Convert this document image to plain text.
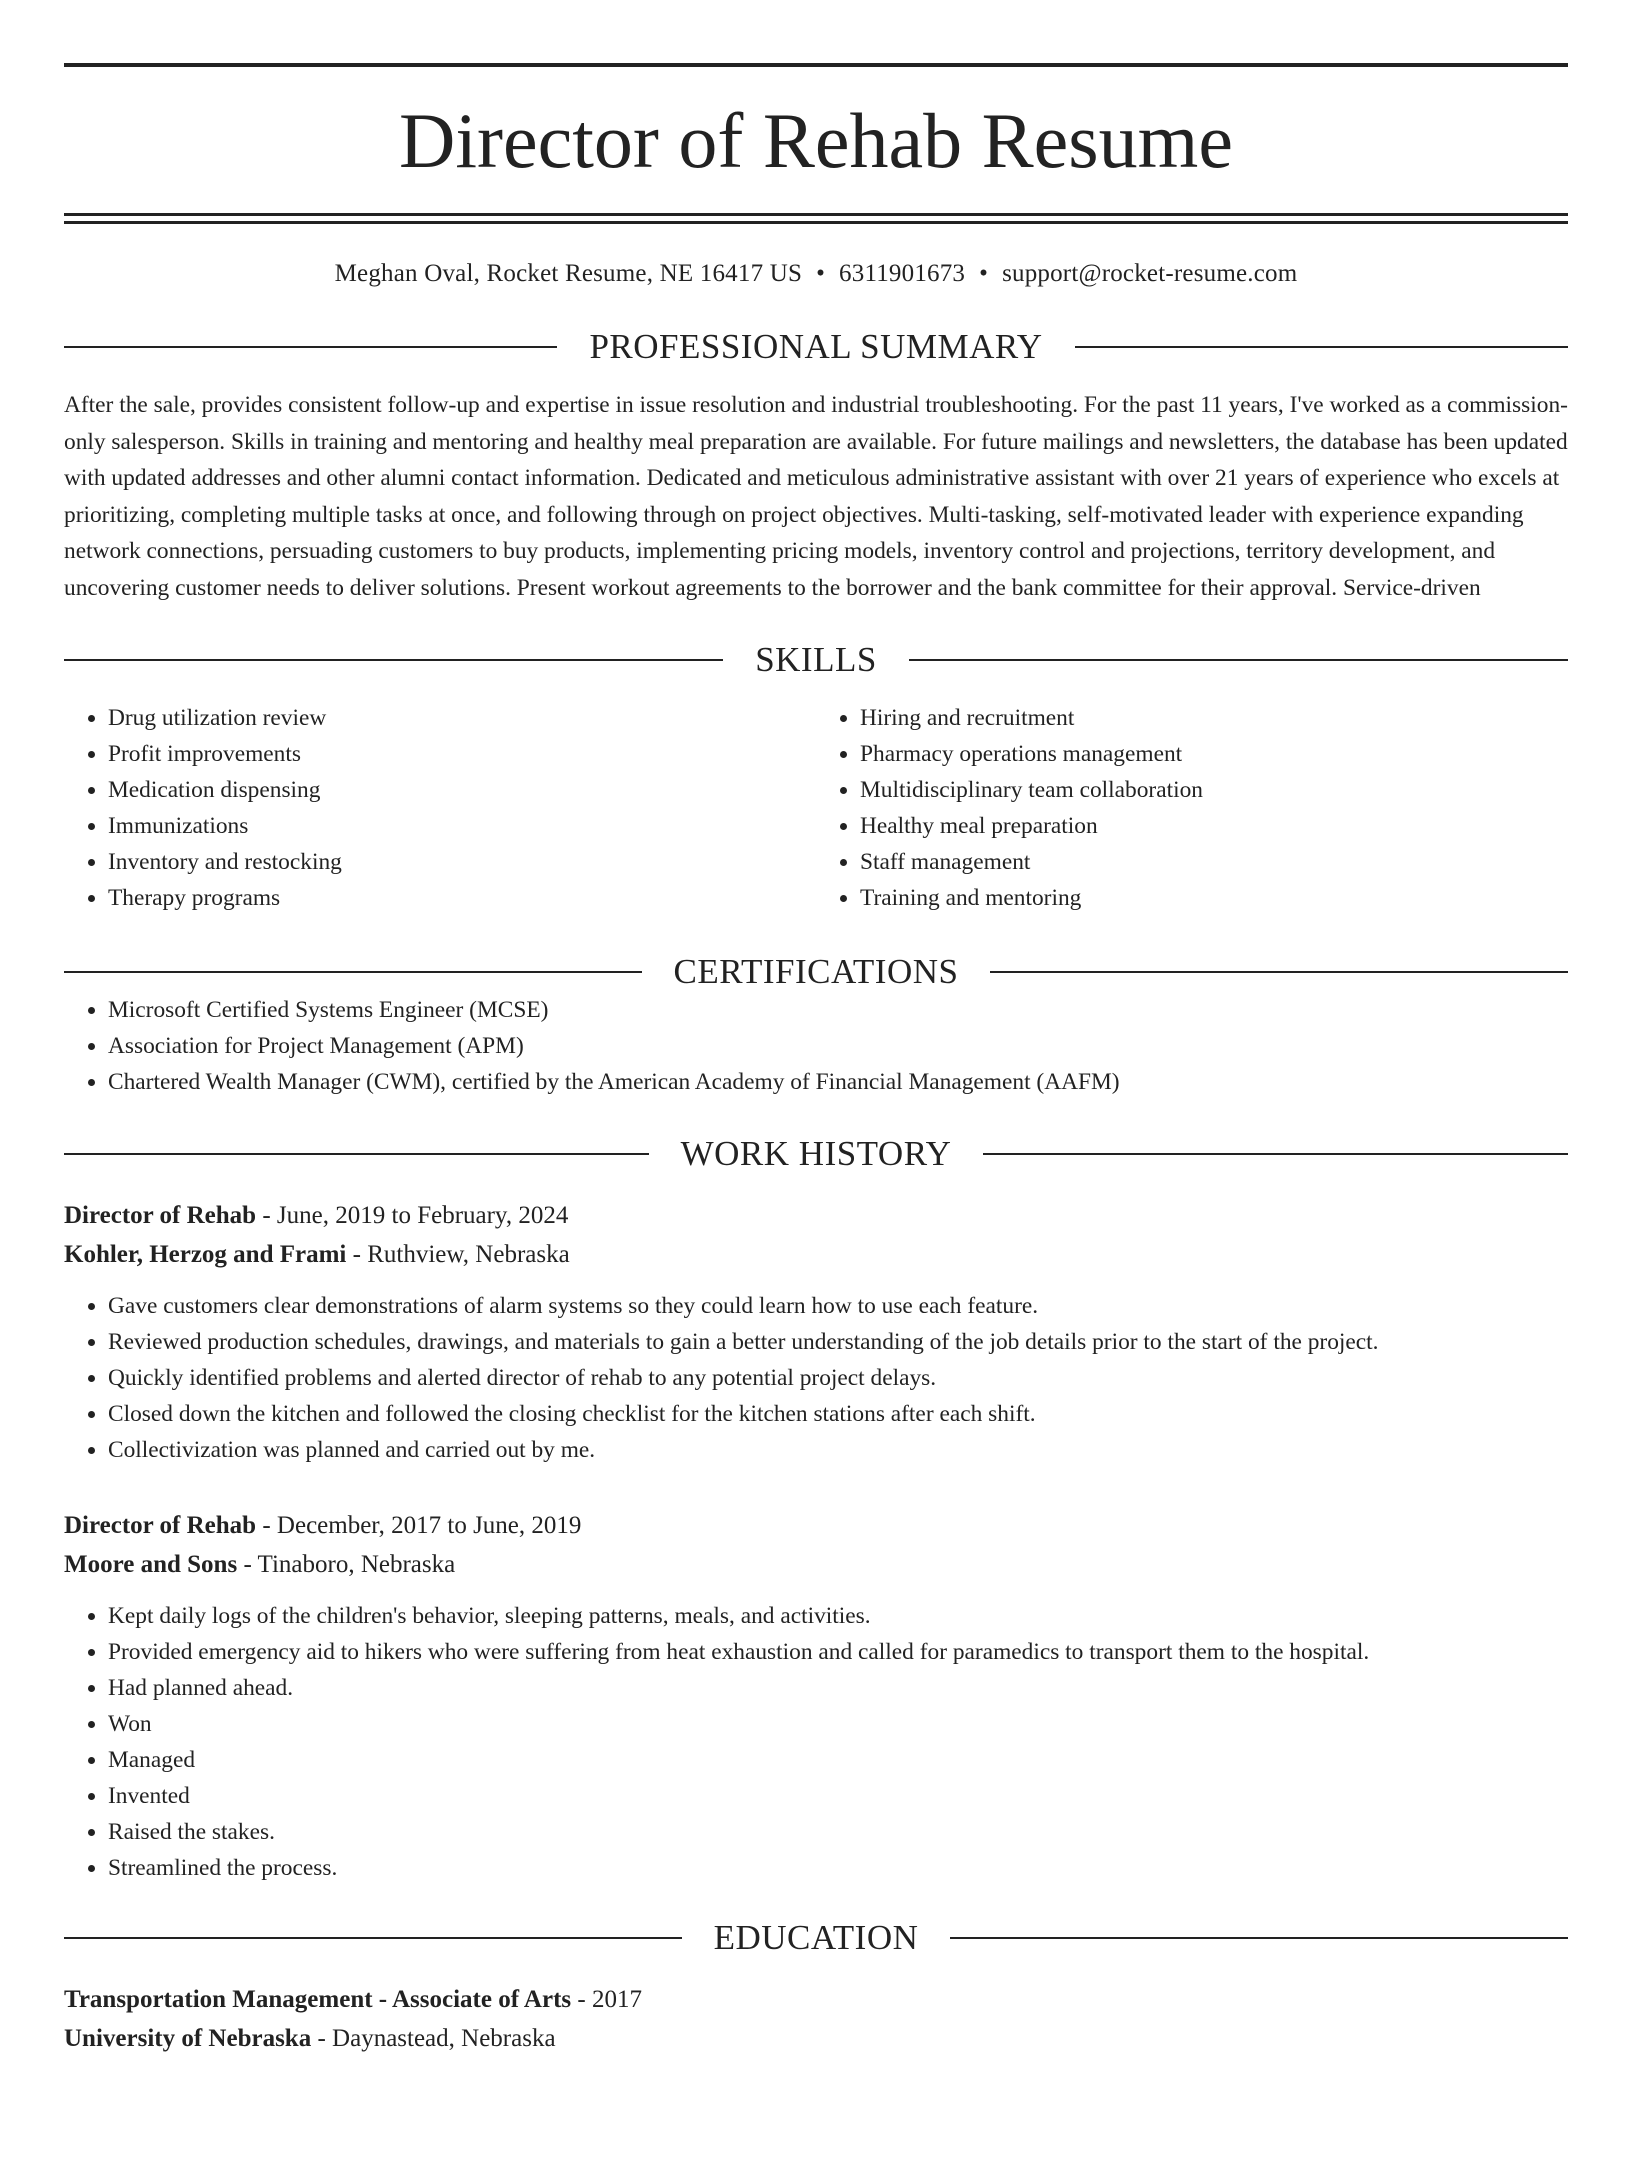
Director of Rehab Resume
Meghan Oval, Rocket Resume, NE 16417 US • 6311901673 • support@rocket-resume.com
PROFESSIONAL SUMMARY
After the sale, provides consistent follow-up and expertise in issue resolution and industrial troubleshooting. For the past 11 years, I've worked as a commission-only salesperson. Skills in training and mentoring and healthy meal preparation are available. For future mailings and newsletters, the database has been updated with updated addresses and other alumni contact information. Dedicated and meticulous administrative assistant with over 21 years of experience who excels at prioritizing, completing multiple tasks at once, and following through on project objectives. Multi-tasking, self-motivated leader with experience expanding network connections, persuading customers to buy products, implementing pricing models, inventory control and projections, territory development, and uncovering customer needs to deliver solutions. Present workout agreements to the borrower and the bank committee for their approval. Service-driven
SKILLS
• Drug utilization review
• Profit improvements
• Medication dispensing
• Immunizations
• Inventory and restocking
• Therapy programs
• Hiring and recruitment
• Pharmacy operations management
• Multidisciplinary team collaboration
• Healthy meal preparation
• Staff management
• Training and mentoring
CERTIFICATIONS
• Microsoft Certified Systems Engineer (MCSE)
• Association for Project Management (APM)
• Chartered Wealth Manager (CWM), certified by the American Academy of Financial Management (AAFM)
WORK HISTORY
Director of Rehab - June, 2019 to February, 2024
Kohler, Herzog and Frami - Ruthview, Nebraska
• Gave customers clear demonstrations of alarm systems so they could learn how to use each feature.
• Reviewed production schedules, drawings, and materials to gain a better understanding of the job details prior to the start of the project.
• Quickly identified problems and alerted director of rehab to any potential project delays.
• Closed down the kitchen and followed the closing checklist for the kitchen stations after each shift.
• Collectivization was planned and carried out by me.
Director of Rehab - December, 2017 to June, 2019
Moore and Sons - Tinaboro, Nebraska
• Kept daily logs of the children's behavior, sleeping patterns, meals, and activities.
• Provided emergency aid to hikers who were suffering from heat exhaustion and called for paramedics to transport them to the hospital.
• Had planned ahead.
• Won
• Managed
• Invented
• Raised the stakes.
• Streamlined the process.
EDUCATION
Transportation Management - Associate of Arts - 2017
University of Nebraska - Daynastead, Nebraska
